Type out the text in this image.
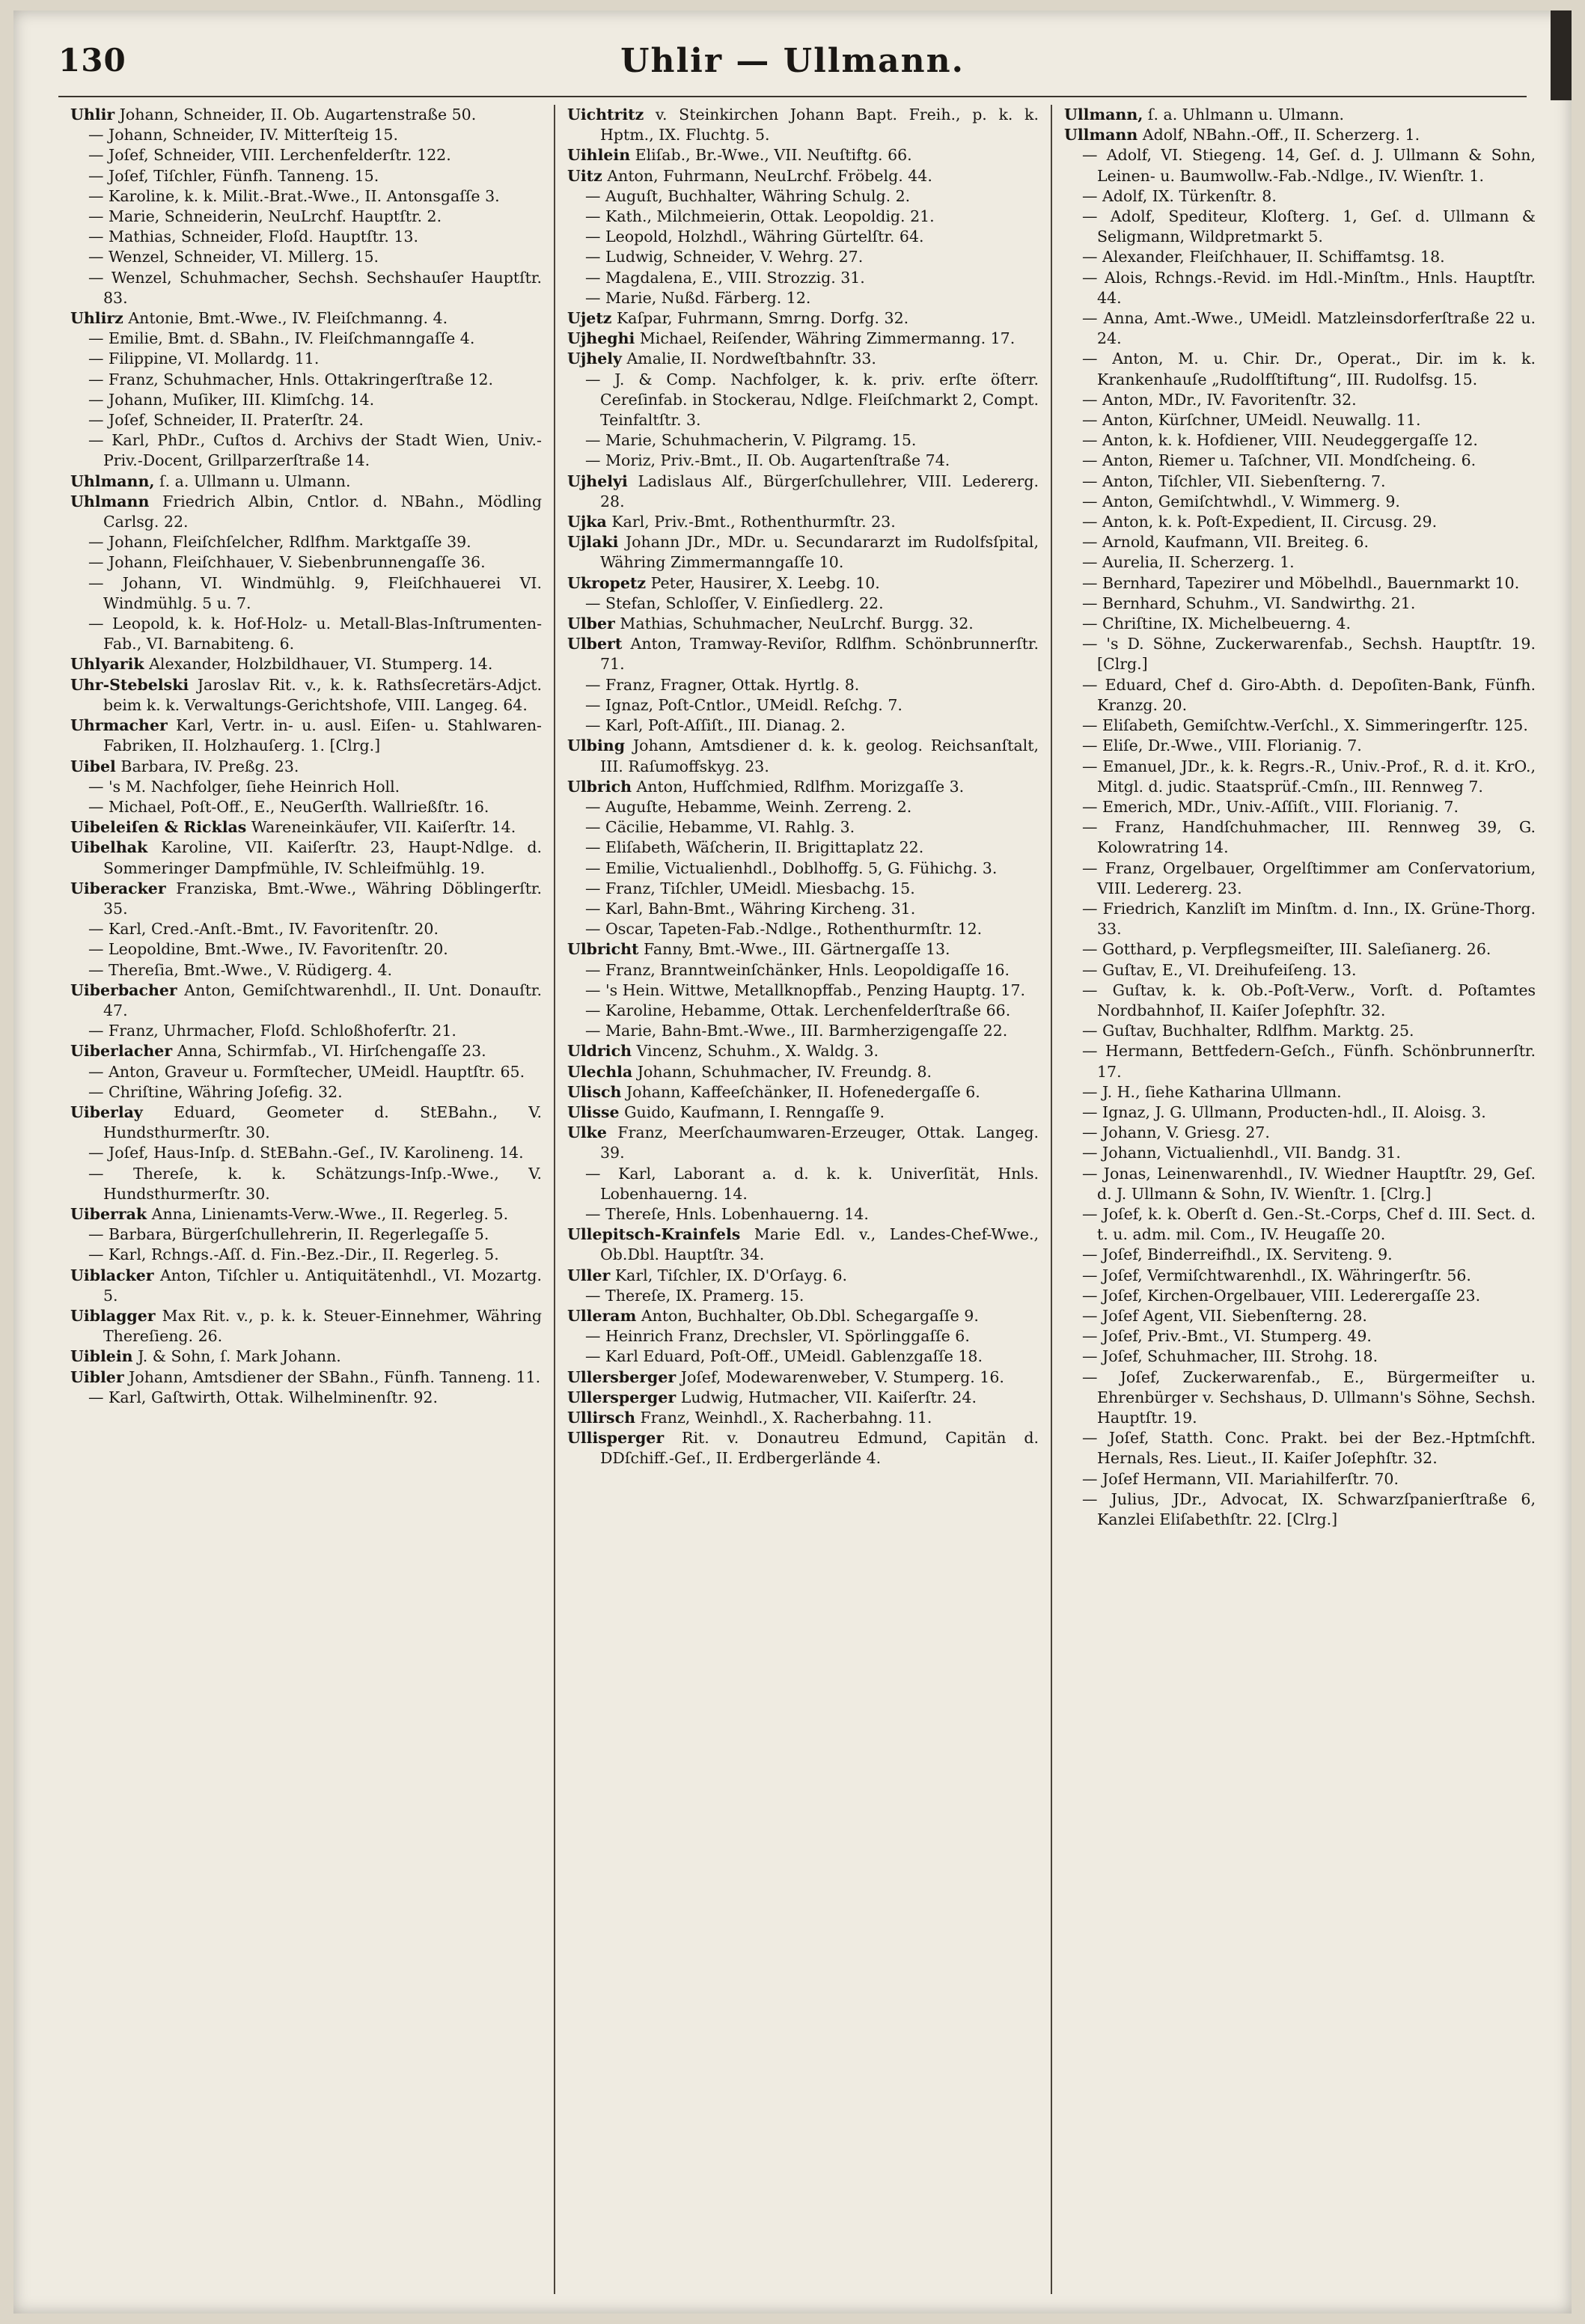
130	Uhlir — Ullmann.

Uhlir Johann, Schneider, II. Ob. Augartenstraße 50.

— Johann, Schneider, IV. Mitterſteig 15.

— Joſef, Schneider, VIII. Lerchenfelderſtr. 122.

— Joſef, Tiſchler, Fünfh. Tanneng. 15.

— Karoline, k. k. Milit.-Brat.-Wwe., II. Antonsgaſſe 3.

— Marie, Schneiderin, NeuLrchf. Hauptſtr. 2.

— Mathias, Schneider, Floſd. Hauptſtr. 13.

— Wenzel, Schneider, VI. Millerg. 15.

— Wenzel, Schuhmacher, Sechsh. Sechshauſer Hauptſtr. 83.

Uhlirz Antonie, Bmt.-Wwe., IV. Fleiſchmanng. 4.

— Emilie, Bmt. d. SBahn., IV. Fleiſchmanngaſſe 4.

— Filippine, VI. Mollardg. 11.

— Franz, Schuhmacher, Hnls. Ottakringerſtraße 12.

— Johann, Muſiker, III. Klimſchg. 14.

— Joſef, Schneider, II. Praterſtr. 24.

— Karl, PhDr., Cuſtos d. Archivs der Stadt Wien, Univ.-Priv.-Docent, Grillparzerſtraße 14.

Uhlmann, ſ. a. Ullmann u. Ulmann.

Uhlmann Friedrich Albin, Cntlor. d. NBahn., Mödling Carlsg. 22.

— Johann, Fleiſchſelcher, Rdlfhm. Marktgaſſe 39.

— Johann, Fleiſchhauer, V. Siebenbrunnengaſſe 36.

— Johann, VI. Windmühlg. 9, Fleiſchhauerei VI. Windmühlg. 5 u. 7.

— Leopold, k. k. Hof-Holz- u. Metall-Blas-Inſtrumenten-Fab., VI. Barnabiteng. 6.

Uhlyarik Alexander, Holzbildhauer, VI. Stumperg. 14.

Uhr-Stebelski Jaroslav Rit. v., k. k. Rathsſecretärs-Adjct. beim k. k. Verwaltungs-Gerichtshofe, VIII. Langeg. 64.

Uhrmacher Karl, Vertr. in- u. ausl. Eiſen- u. Stahlwaren-Fabriken, II. Holzhauſerg. 1. [Clrg.]

Uibel Barbara, IV. Preßg. 23.

— 's M. Nachfolger, ſiehe Heinrich Holl.

— Michael, Poſt-Off., E., NeuGerſth. Wallrießſtr. 16.

Uibeleiſen & Ricklas Wareneinkäufer, VII. Kaiſerſtr. 14.

Uibelhak Karoline, VII. Kaiſerſtr. 23, Haupt-Ndlge. d. Sommeringer Dampfmühle, IV. Schleifmühlg. 19.

Uiberacker Franziska, Bmt.-Wwe., Währing Döblingerſtr. 35.

— Karl, Cred.-Anſt.-Bmt., IV. Favoritenſtr. 20.

— Leopoldine, Bmt.-Wwe., IV. Favoritenſtr. 20.

— Thereſia, Bmt.-Wwe., V. Rüdigerg. 4.

Uiberbacher Anton, Gemiſchtwarenhdl., II. Unt. Donauſtr. 47.

— Franz, Uhrmacher, Floſd. Schloßhoferſtr. 21.

Uiberlacher Anna, Schirmfab., VI. Hirſchengaſſe 23.

— Anton, Graveur u. Formſtecher, UMeidl. Hauptſtr. 65.

— Chriſtine, Währing Joſefig. 32.

Uiberlay Eduard, Geometer d. StEBahn., V. Hundsthurmerſtr. 30.

— Joſef, Haus-Inſp. d. StEBahn.-Geſ., IV. Karolineng. 14.

— Thereſe, k. k. Schätzungs-Inſp.-Wwe., V. Hundsthurmerſtr. 30.

Uiberrak Anna, Linienamts-Verw.-Wwe., II. Regerleg. 5.

— Barbara, Bürgerſchullehrerin, II. Regerlegaſſe 5.

— Karl, Rchngs.-Aſſ. d. Fin.-Bez.-Dir., II. Regerleg. 5.

Uiblacker Anton, Tiſchler u. Antiquitätenhdl., VI. Mozartg. 5.

Uiblagger Max Rit. v., p. k. k. Steuer-Einnehmer, Währing Thereſieng. 26.

Uiblein J. & Sohn, ſ. Mark Johann.

Uibler Johann, Amtsdiener der SBahn., Fünfh. Tanneng. 11.

— Karl, Gaſtwirth, Ottak. Wilhelminenſtr. 92.

Uichtritz v. Steinkirchen Johann Bapt. Freih., p. k. k. Hptm., IX. Fluchtg. 5.

Uihlein Eliſab., Br.-Wwe., VII. Neuſtiftg. 66.

Uitz Anton, Fuhrmann, NeuLrchf. Fröbelg. 44.

— Auguſt, Buchhalter, Währing Schulg. 2.

— Kath., Milchmeierin, Ottak. Leopoldig. 21.

— Leopold, Holzhdl., Währing Gürtelſtr. 64.

— Ludwig, Schneider, V. Wehrg. 27.

— Magdalena, E., VIII. Strozzig. 31.

— Marie, Nußd. Färberg. 12.

Ujetz Kaſpar, Fuhrmann, Smrng. Dorfg. 32.

Ujheghi Michael, Reiſender, Währing Zimmermanng. 17.

Ujhely Amalie, II. Nordweſtbahnſtr. 33.

— J. & Comp. Nachfolger, k. k. priv. erſte öſterr. Cereſinfab. in Stockerau, Ndlge. Fleiſchmarkt 2, Compt. Teinfaltſtr. 3.

— Marie, Schuhmacherin, V. Pilgramg. 15.

— Moriz, Priv.-Bmt., II. Ob. Augartenſtraße 74.

Ujhelyi Ladislaus Alf., Bürgerſchullehrer, VIII. Ledererg. 28.

Ujka Karl, Priv.-Bmt., Rothenthurmſtr. 23.

Ujlaki Johann JDr., MDr. u. Secundararzt im Rudolfsſpital, Währing Zimmermanngaſſe 10.

Ukropetz Peter, Hausirer, X. Leebg. 10.

— Stefan, Schloſſer, V. Einſiedlerg. 22.

Ulber Mathias, Schuhmacher, NeuLrchf. Burgg. 32.

Ulbert Anton, Tramway-Reviſor, Rdlfhm. Schönbrunnerſtr. 71.

— Franz, Fragner, Ottak. Hyrtlg. 8.

— Ignaz, Poſt-Cntlor., UMeidl. Reſchg. 7.

— Karl, Poſt-Aſſiſt., III. Dianag. 2.

Ulbing Johann, Amtsdiener d. k. k. geolog. Reichsanſtalt, III. Raſumoffskyg. 23.

Ulbrich Anton, Hufſchmied, Rdlfhm. Morizgaſſe 3.

— Auguſte, Hebamme, Weinh. Zerreng. 2.

— Cäcilie, Hebamme, VI. Rahlg. 3.

— Eliſabeth, Wäſcherin, II. Brigittaplatz 22.

— Emilie, Victualienhdl., Doblhoffg. 5, G. Fühichg. 3.

— Franz, Tiſchler, UMeidl. Miesbachg. 15.

— Karl, Bahn-Bmt., Währing Kircheng. 31.

— Oscar, Tapeten-Fab.-Ndlge., Rothenthurmſtr. 12.

Ulbricht Fanny, Bmt.-Wwe., III. Gärtnergaſſe 13.

— Franz, Branntweinſchänker, Hnls. Leopoldigaſſe 16.

— 's Hein. Wittwe, Metallknopffab., Penzing Hauptg. 17.

— Karoline, Hebamme, Ottak. Lerchenfelderſtraße 66.

— Marie, Bahn-Bmt.-Wwe., III. Barmherzigengaſſe 22.

Uldrich Vincenz, Schuhm., X. Waldg. 3.

Ulechla Johann, Schuhmacher, IV. Freundg. 8.

Ulisch Johann, Kaffeeſchänker, II. Hofenedergaſſe 6.

Ulisse Guido, Kaufmann, I. Renngaſſe 9.

Ulke Franz, Meerſchaumwaren-Erzeuger, Ottak. Langeg. 39.

— Karl, Laborant a. d. k. k. Univerſität, Hnls. Lobenhauerng. 14.

— Thereſe, Hnls. Lobenhauerng. 14.

Ullepitsch-Krainfels Marie Edl. v., Landes-Chef-Wwe., Ob.Dbl. Hauptſtr. 34.

Uller Karl, Tiſchler, IX. D'Orſayg. 6.

— Thereſe, IX. Pramerg. 15.

Ulleram Anton, Buchhalter, Ob.Dbl. Schegargaſſe 9.

— Heinrich Franz, Drechsler, VI. Spörlinggaſſe 6.

— Karl Eduard, Poſt-Off., UMeidl. Gablenzgaſſe 18.

Ullersberger Joſef, Modewarenweber, V. Stumperg. 16.

Ullersperger Ludwig, Hutmacher, VII. Kaiſerſtr. 24.

Ullirsch Franz, Weinhdl., X. Racherbahng. 11.

Ullisperger Rit. v. Donautreu Edmund, Capitän d. DDſchiff.-Geſ., II. Erdbergerlände 4.

Ullmann, ſ. a. Uhlmann u. Ulmann.

Ullmann Adolf, NBahn.-Off., II. Scherzerg. 1.

— Adolf, VI. Stiegeng. 14, Geſ. d. J. Ullmann & Sohn, Leinen- u. Baumwollw.-Fab.-Ndlge., IV. Wienſtr. 1.

— Adolf, IX. Türkenſtr. 8.

— Adolf, Spediteur, Kloſterg. 1, Geſ. d. Ullmann & Seligmann, Wildpretmarkt 5.

— Alexander, Fleiſchhauer, II. Schiffamtsg. 18.

— Alois, Rchngs.-Revid. im Hdl.-Minſtm., Hnls. Hauptſtr. 44.

— Anna, Amt.-Wwe., UMeidl. Matzleinsdorferſtraße 22 u. 24.

— Anton, M. u. Chir. Dr., Operat., Dir. im k. k. Krankenhauſe „Rudolfſtiftung“, III. Rudolfsg. 15.

— Anton, MDr., IV. Favoritenſtr. 32.

— Anton, Kürſchner, UMeidl. Neuwallg. 11.

— Anton, k. k. Hofdiener, VIII. Neudeggergaſſe 12.

— Anton, Riemer u. Taſchner, VII. Mondſcheing. 6.

— Anton, Tiſchler, VII. Siebenſterng. 7.

— Anton, Gemiſchtwhdl., V. Wimmerg. 9.

— Anton, k. k. Poſt-Expedient, II. Circusg. 29.

— Arnold, Kaufmann, VII. Breiteg. 6.

— Aurelia, II. Scherzerg. 1.

— Bernhard, Tapezirer und Möbelhdl., Bauernmarkt 10.

— Bernhard, Schuhm., VI. Sandwirthg. 21.

— Chriſtine, IX. Michelbeuerng. 4.

— 's D. Söhne, Zuckerwarenfab., Sechsh. Hauptſtr. 19. [Clrg.]

— Eduard, Chef d. Giro-Abth. d. Depoſiten-Bank, Fünfh. Kranzg. 20.

— Eliſabeth, Gemiſchtw.-Verſchl., X. Simmeringerſtr. 125.

— Eliſe, Dr.-Wwe., VIII. Florianig. 7.

— Emanuel, JDr., k. k. Regrs.-R., Univ.-Prof., R. d. it. KrO., Mitgl. d. judic. Staatsprüf.-Cmſn., III. Rennweg 7.

— Emerich, MDr., Univ.-Aſſiſt., VIII. Florianig. 7.

— Franz, Handſchuhmacher, III. Rennweg 39, G. Kolowratring 14.

— Franz, Orgelbauer, Orgelſtimmer am Conſervatorium, VIII. Ledererg. 23.

— Friedrich, Kanzliſt im Minſtm. d. Inn., IX. Grüne-Thorg. 33.

— Gotthard, p. Verpflegsmeiſter, III. Saleſianerg. 26.

— Guſtav, E., VI. Dreihufeiſeng. 13.

— Guſtav, k. k. Ob.-Poſt-Verw., Vorſt. d. Poſtamtes Nordbahnhof, II. Kaiſer Joſephſtr. 32.

— Guſtav, Buchhalter, Rdlfhm. Marktg. 25.

— Hermann, Bettfedern-Geſch., Fünfh. Schönbrunnerſtr. 17.

— J. H., ſiehe Katharina Ullmann.

— Ignaz, J. G. Ullmann, Producten-hdl., II. Aloisg. 3.

— Johann, V. Griesg. 27.

— Johann, Victualienhdl., VII. Bandg. 31.

— Jonas, Leinenwarenhdl., IV. Wiedner Hauptſtr. 29, Geſ. d. J. Ullmann & Sohn, IV. Wienſtr. 1. [Clrg.]

— Joſef, k. k. Oberſt d. Gen.-St.-Corps, Chef d. III. Sect. d. t. u. adm. mil. Com., IV. Heugaſſe 20.

— Joſef, Binderreifhdl., IX. Serviteng. 9.

— Joſef, Vermiſchtwarenhdl., IX. Währingerſtr. 56.

— Joſef, Kirchen-Orgelbauer, VIII. Lederergaſſe 23.

— Joſef Agent, VII. Siebenſterng. 28.

— Joſef, Priv.-Bmt., VI. Stumperg. 49.

— Joſef, Schuhmacher, III. Strohg. 18.

— Joſef, Zuckerwarenfab., E., Bürgermeiſter u. Ehrenbürger v. Sechshaus, D. Ullmann's Söhne, Sechsh. Hauptſtr. 19.

— Joſef, Statth. Conc. Prakt. bei der Bez.-Hptmſchft. Hernals, Res. Lieut., II. Kaiſer Joſephſtr. 32.

— Joſef Hermann, VII. Mariahilferſtr. 70.

— Julius, JDr., Advocat, IX. Schwarzſpanierſtraße 6, Kanzlei Eliſabethſtr. 22. [Clrg.]
